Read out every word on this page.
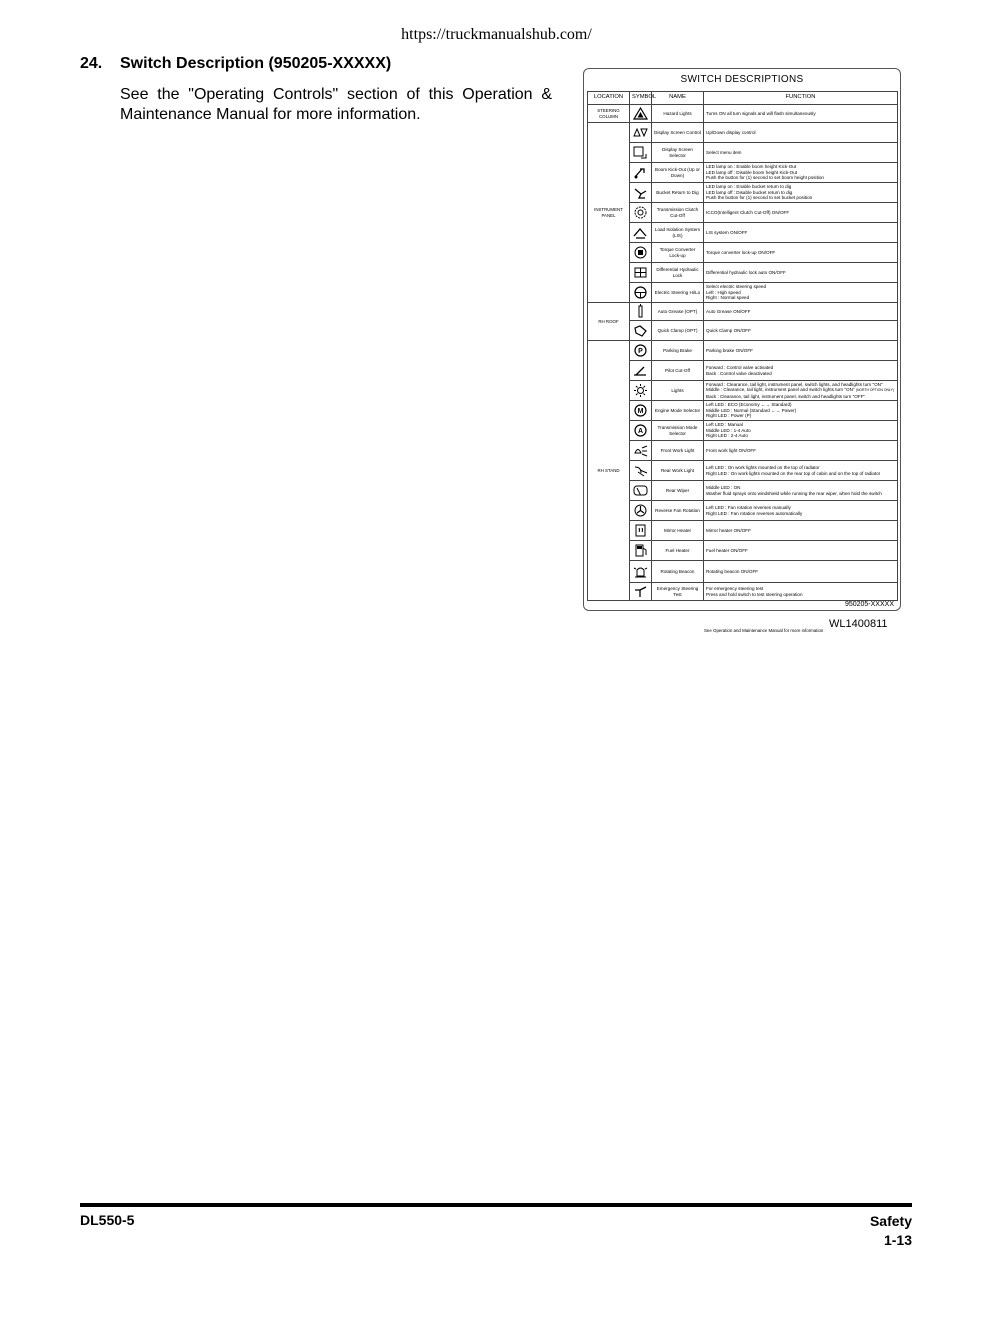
https://truckmanualshub.com/
24. Switch Description (950205-XXXXX)
See the "Operating Controls" section of this Operation & Maintenance Manual for more information.
SWITCH DESCRIPTIONS
LOCATION	SYMBOL	NAME	FUNCTION
STEERING COLUMN		Hazard Lights	Turns ON all turn signals and will flash simultaneously

INSTRUMENT PANEL		Display Screen Control	Up/Down display control

	Display Screen Selector	Select menu item

	Boom Kick-Out (Up or Down)	LED lamp on : Enable boom height Kick-Out
LED lamp off : Disable boom height Kick-Out
Push the button for (1) second to set boom height position

	Bucket Return to Dig	LED lamp on : Enable bucket return to dig
LED lamp off : Disable bucket return to dig
Push the button for (1) second to set bucket position

	Transmission Clutch Cut-Off	ICCO(Intelligent Clutch Cut-Off) ON/OFF

	Load Isolation System (LIS)	LIS system ON/OFF

	Torque Converter Lock-up	Torque converter lock-up ON/OFF

	Differential Hydraulic Lock	Differential hydraulic lock auto ON/OFF

	Electric Steering Hi/Lo	Select electric steering speed
Left : High speed
Right : Normal speed

RH ROOF		Auto Grease (OPT)	Auto Grease ON/OFF

	Quick Clamp (OPT)	Quick Clamp ON/OFF

RH STAND	P	Parking Brake	Parking brake ON/OFF

	Pilot Cut-Off	Forward : Control valve activated
Back : Control valve deactivated

	Lights	Forward : Clearance, tail light, instrument panel, switch lights, and headlights turn "ON"
Middle : Clearance, tail light, instrument panel and switch lights turn "ON" (NORTH OPTION ONLY)
Back : Clearance, tail light, instrument panel, switch and headlights turn "OFF"

M	Engine Mode Selector	Left LED : ECO (Economy ←→ Standard)
Middle LED : Normal (Standard ←→ Power)
Right LED : Power (P)

A	Transmission Mode Selector	Left LED : Manual
Middle LED : 1-4 Auto
Right LED : 2-4 Auto

	Front Work Light	Front work light ON/OFF

	Rear Work Light	Left LED : On work lights mounted on the top of radiator
Right LED : On work lights mounted on the rear top of cabin and on the top of radiator

	Rear Wiper	Middle LED : ON
Washer fluid sprays onto windshield while running the rear wiper, when hold the switch

	Reverse Fan Rotation	Left LED : Fan rotation reverses manually
Right LED : Fan rotation reverses automatically

	Mirror Heater	Mirror heater ON/OFF

	Fuel Heater	Fuel heater ON/OFF

	Rotating Beacon	Rotating beacon ON/OFF

	Emergency Steering Test	For emergency steering test
Press and hold switch to test steering operation
See Operation and Maintenance Manual for more information
950205-XXXXX
WL1400811
DL550-5	Safety
1-13
